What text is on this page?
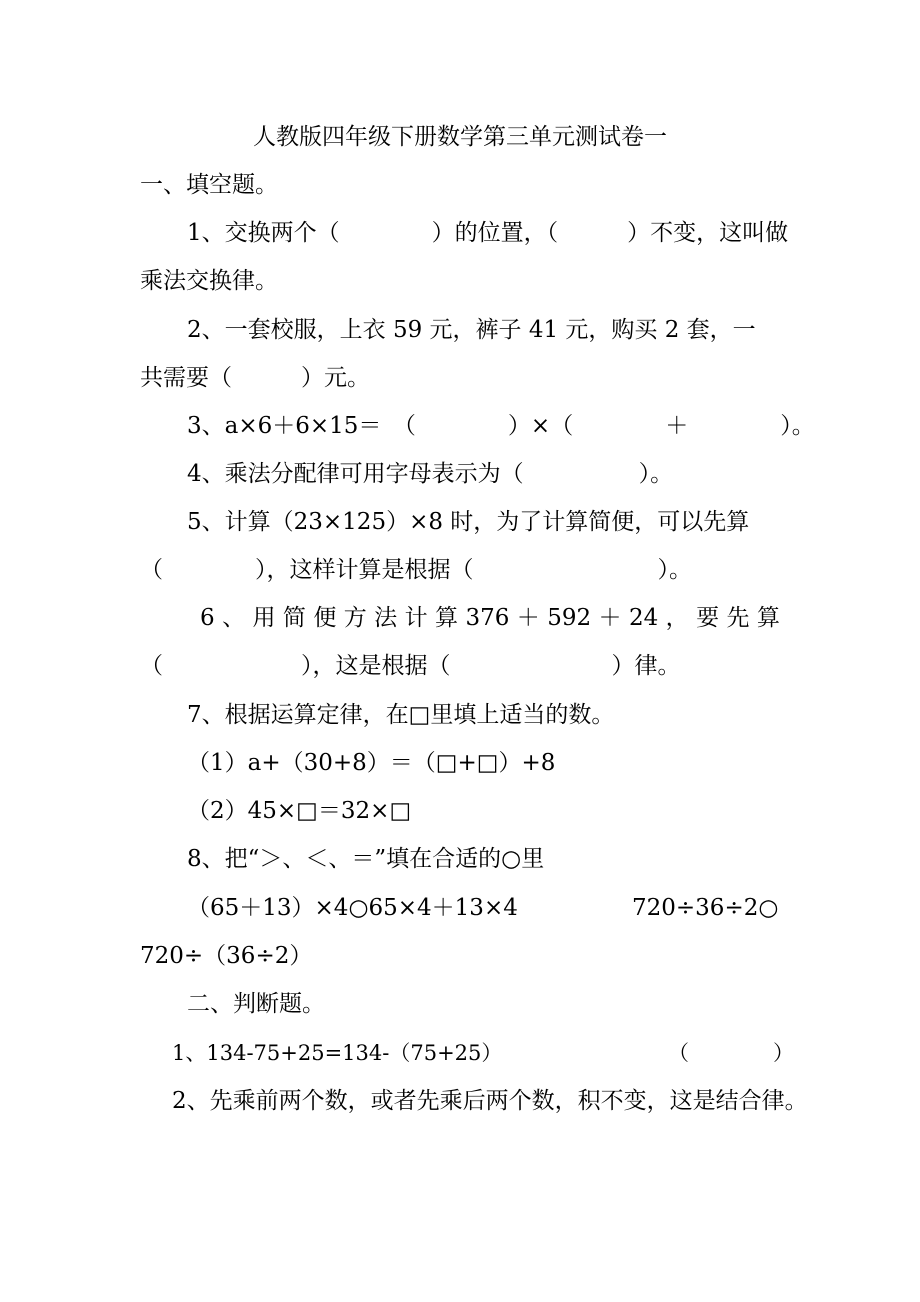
人教版四年级下册数学第三单元测试卷一
一、填空题。
1、交换两个（　　　　）的位置，（　　　）不变，这叫做
乘法交换律。
2、一套校服，上衣 59 元，裤子 41 元，购买 2 套，一
共需要（　　　）元。
3、a×6＋6×15＝　（　　　　）×（　　　　＋　　　　）。
4、乘法分配律可用字母表示为（　　　　　）。
5、计算（23×125）×8 时，为了计算简便，可以先算
（　　　　），这样计算是根据（　　　　　　　　）。
6 、 用 简 便 方 法 计 算 376 ＋ 592 ＋ 24 ， 要 先 算
（　　　　　　），这是根据（　　　　　　　）律。
7、根据运算定律，在□里填上适当的数。
（1）a+（30+8）＝（□+□）+8
（2）45×□＝32×□
8、把“＞、＜、＝”填在合适的○里
（65＋13）×4○65×4＋13×4	720÷36÷2○
720÷（36÷2）
二、判断题。
1、134-75+25=134-（75+25）	（　　　　）
2、先乘前两个数，或者先乘后两个数，积不变，这是结合律。
